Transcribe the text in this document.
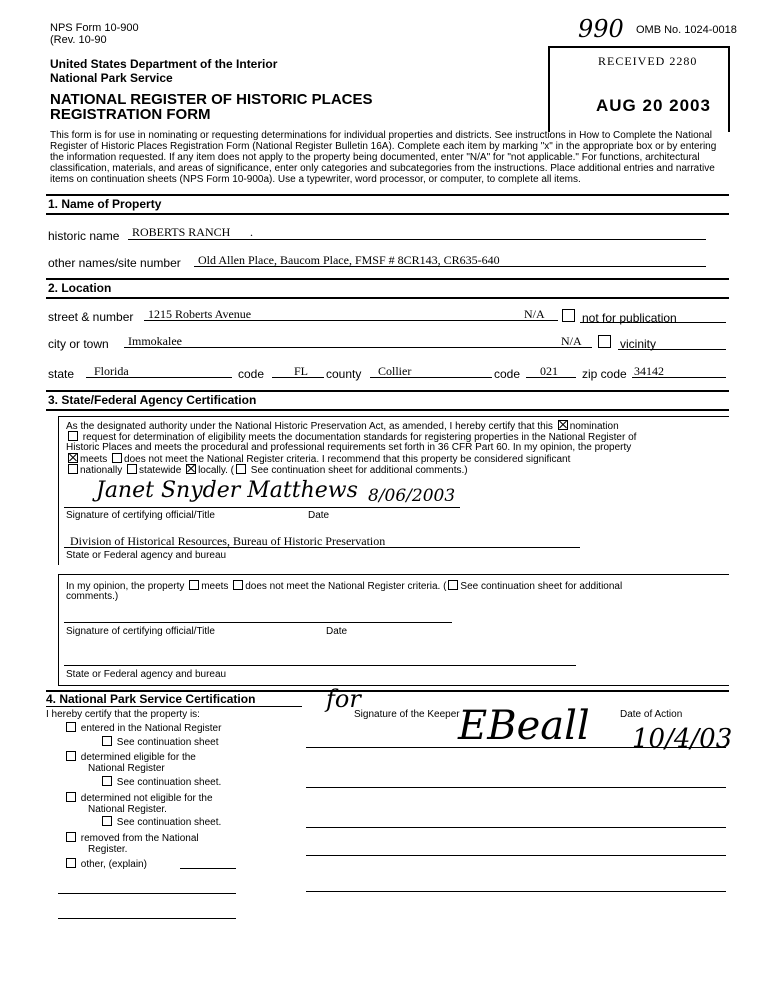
NPS Form 10-900
(Rev. 10-90	990 OMB No. 1024-0018
United States Department of the Interior
National Park Service
NATIONAL REGISTER OF HISTORIC PLACES
REGISTRATION FORM
RECEIVED 2280
AUG 20 2003
This form is for use in nominating or requesting determinations for individual properties and districts. See instructions in How to Complete the National
Register of Historic Places Registration Form (National Register Bulletin 16A). Complete each item by marking "x" in the appropriate box or by entering
the information requested. If any item does not apply to the property being documented, enter "N/A" for "not applicable." For functions, architectural
classification, materials, and areas of significance, enter only categories and subcategories from the instructions. Place additional entries and narrative
items on continuation sheets (NPS Form 10-900a). Use a typewriter, word processor, or computer, to complete all items.
1. Name of Property
historic name ROBERTS RANCH .
other names/site number Old Allen Place, Baucom Place, FMSF # 8CR143, CR635-640
2. Location
street & number 1215 Roberts Avenue	N/A	not for publication
city or town Immokalee	N/A	vicinity
state Florida	code FL county Collier	code 021 zip code 34142
3. State/Federal Agency Certification
As the designated authority under the National Historic Preservation Act, as amended, I hereby certify that this nomination
request for determination of eligibility meets the documentation standards for registering properties in the National Register of
Historic Places and meets the procedural and professional requirements set forth in 36 CFR Part 60. In my opinion, the property
meets does not meet the National Register criteria. I recommend that this property be considered significant
nationally statewide locally. ( See continuation sheet for additional comments.)
Janet Snyder Matthews 8/06/2003
Signature of certifying official/Title	Date
Division of Historical Resources, Bureau of Historic Preservation
State or Federal agency and bureau
In my opinion, the property meets does not meet the National Register criteria. ( See continuation sheet for additional
comments.)
Signature of certifying official/Title	Date
State or Federal agency and bureau
4. National Park Service Certification
I hereby certify that the property is:
for
Signature of the Keeper	Date of Action
EBeall 10/4/03
entered in the National Register
See continuation sheet
determined eligible for the
National Register
See continuation sheet.
determined not eligible for the
National Register.
See continuation sheet.
removed from the National
Register.
other, (explain)
